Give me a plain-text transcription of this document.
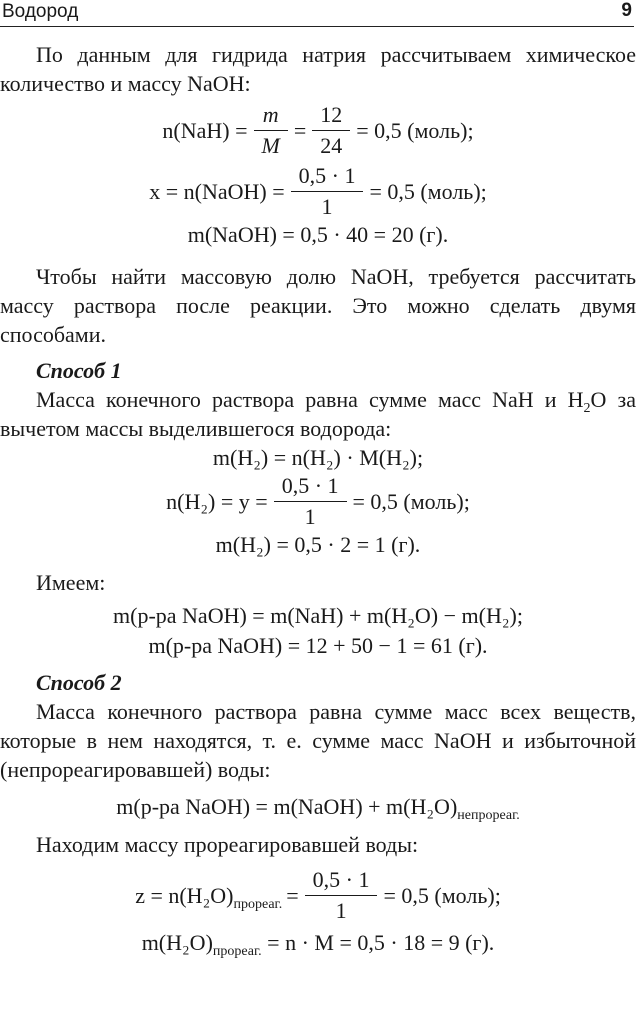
Водород	9

По данным для гидрида натрия рассчитываем химическое количество и массу NaOH:

$n(NaH) = \frac{m}{M} = \frac{12}{24} = 0,5$ (моль);
x = n(NaOH) = $\frac{0,5 \cdot 1}{1} = 0,5$ (моль);
m(NaOH) = 0,5 · 40 = 20 (г).

Чтобы найти массовую долю NaOH, требуется рассчитать массу раствора после реакции. Это можно сделать двумя способами.

Способ 1

Масса конечного раствора равна сумме масс NaH и $H_2O$ за вычетом массы выделившегося водорода:

m(H₂) = n(H₂) · M(H₂);
$n(H_2) = y = \frac{0,5 \cdot 1}{1} = 0,5$ (моль);
m(H₂) = 0,5 · 2 = 1 (г).

Имеем:

m(р-ра NaOH) = m(NaH) + m(H₂O) − m(H₂);
m(р-ра NaOH) = 12 + 50 − 1 = 61 (г).
Способ 2

Масса конечного раствора равна сумме масс всех веществ, которые в нем находятся, т. е. сумме масс NaOH и избыточной (непрореагировавшей) воды:

m(р-ра NaOH) = m(NaOH) + $m(H_2O)_{непрореаг.}$

Находим массу прореагировавшей воды:

$z = n(H_2O)_{прореаг.} = \frac{0,5 \cdot 1}{1} = 0,5$ (моль);
$m(H_2O)_{прореаг.} = n \cdot M = 0,5 \cdot 18 = 9$ (г).
